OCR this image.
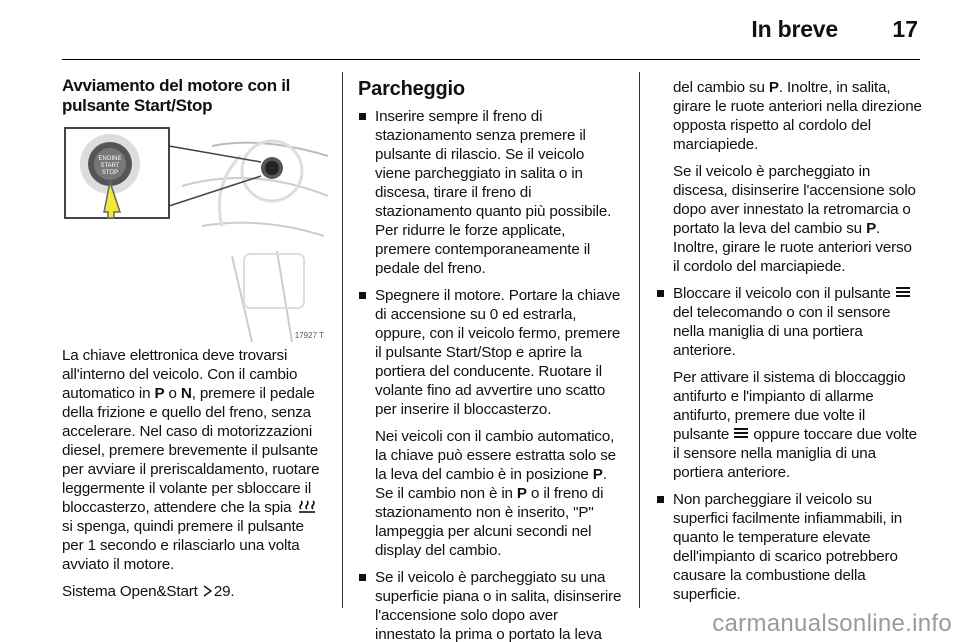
In breve 17
Avviamento del motore con il pulsante Start/Stop
ENGINE
START
STOP
17927 T
La chiave elettronica deve trovarsi all'interno del veicolo. Con il cambio automatico in P o N, premere il pedale della frizione e quello del freno, senza accelerare. Nel caso di motorizzazioni diesel, premere brevemente il pulsante per avviare il preriscaldamento, ruotare leggermente il volante per sbloccare il bloccasterzo, attendere che la spia  si spenga, quindi premere il pulsante per 1 secondo e rilasciarlo una volta avviato il motore.
Sistema Open&Start 29.
Parcheggio
Inserire sempre il freno di stazionamento senza premere il pulsante di rilascio. Se il veicolo viene parcheggiato in salita o in discesa, tirare il freno di stazionamento quanto più possibile. Per ridurre le forze applicate, premere contemporaneamente il pedale del freno.
Spegnere il motore. Portare la chiave di accensione su 0 ed estrarla, oppure, con il veicolo fermo, premere il pulsante Start/Stop e aprire la portiera del conducente. Ruotare il volante fino ad avvertire uno scatto per inserire il bloccasterzo.
Nei veicoli con il cambio automatico, la chiave può essere estratta solo se la leva del cambio è in posizione P. Se il cambio non è in P o il freno di stazionamento non è inserito, "P" lampeggia per alcuni secondi nel display del cambio.
Se il veicolo è parcheggiato su una superficie piana o in salita, disinserire l'accensione solo dopo aver innestato la prima o portato la leva
del cambio su P. Inoltre, in salita, girare le ruote anteriori nella direzione opposta rispetto al cordolo del marciapiede.
Se il veicolo è parcheggiato in discesa, disinserire l'accensione solo dopo aver innestato la retromarcia o portato la leva del cambio su P. Inoltre, girare le ruote anteriori verso il cordolo del marciapiede.
Bloccare il veicolo con il pulsante  del telecomando o con il sensore nella maniglia di una portiera anteriore.
Per attivare il sistema di bloccaggio antifurto e l'impianto di allarme antifurto, premere due volte il pulsante  oppure toccare due volte il sensore nella maniglia di una portiera anteriore.
Non parcheggiare il veicolo su superfici facilmente infiammabili, in quanto le temperature elevate dell'impianto di scarico potrebbero causare la combustione della superficie.
carmanualsonline.info
